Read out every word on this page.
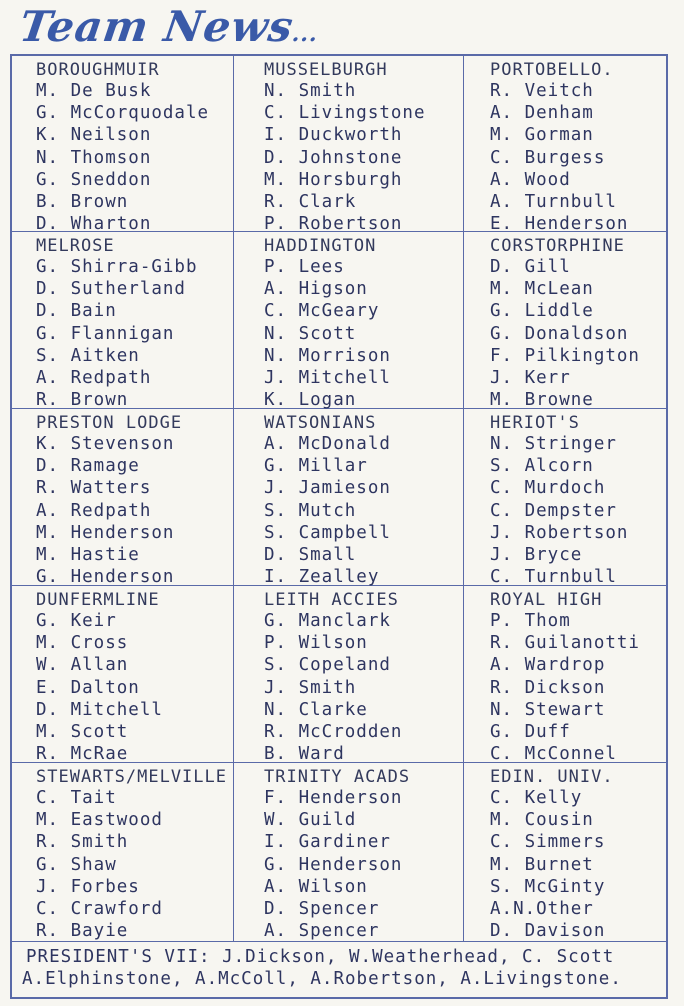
Team News...
BOROUGHMUIR
M. De Busk
G. McCorquodale
K. Neilson
N. Thomson
G. Sneddon
B. Brown
D. Wharton
MUSSELBURGH
N. Smith
C. Livingstone
I. Duckworth
D. Johnstone
M. Horsburgh
R. Clark
P. Robertson
PORTOBELLO.
R. Veitch
A. Denham
M. Gorman
C. Burgess
A. Wood
A. Turnbull
E. Henderson
MELROSE
G. Shirra-Gibb
D. Sutherland
D. Bain
G. Flannigan
S. Aitken
A. Redpath
R. Brown
HADDINGTON
P. Lees
A. Higson
C. McGeary
N. Scott
N. Morrison
J. Mitchell
K. Logan
CORSTORPHINE
D. Gill
M. McLean
G. Liddle
G. Donaldson
F. Pilkington
J. Kerr
M. Browne
PRESTON LODGE
K. Stevenson
D. Ramage
R. Watters
A. Redpath
M. Henderson
M. Hastie
G. Henderson
WATSONIANS
A. McDonald
G. Millar
J. Jamieson
S. Mutch
S. Campbell
D. Small
I. Zealley
HERIOT'S
N. Stringer
S. Alcorn
C. Murdoch
C. Dempster
J. Robertson
J. Bryce
C. Turnbull
DUNFERMLINE
G. Keir
M. Cross
W. Allan
E. Dalton
D. Mitchell
M. Scott
R. McRae
LEITH ACCIES
G. Manclark
P. Wilson
S. Copeland
J. Smith
N. Clarke
R. McCrodden
B. Ward
ROYAL HIGH
P. Thom
R. Guilanotti
A. Wardrop
R. Dickson
N. Stewart
G. Duff
C. McConnel
STEWARTS/MELVILLE
C. Tait
M. Eastwood
R. Smith
G. Shaw
J. Forbes
C. Crawford
R. Bayie
TRINITY ACADS
F. Henderson
W. Guild
I. Gardiner
G. Henderson
A. Wilson
D. Spencer
A. Spencer
EDIN. UNIV.
C. Kelly
M. Cousin
C. Simmers
M. Burnet
S. McGinty
A.N.Other
D. Davison
PRESIDENT'S VII: J.Dickson, W.Weatherhead, C. Scott
A.Elphinstone, A.McColl, A.Robertson, A.Livingstone.
